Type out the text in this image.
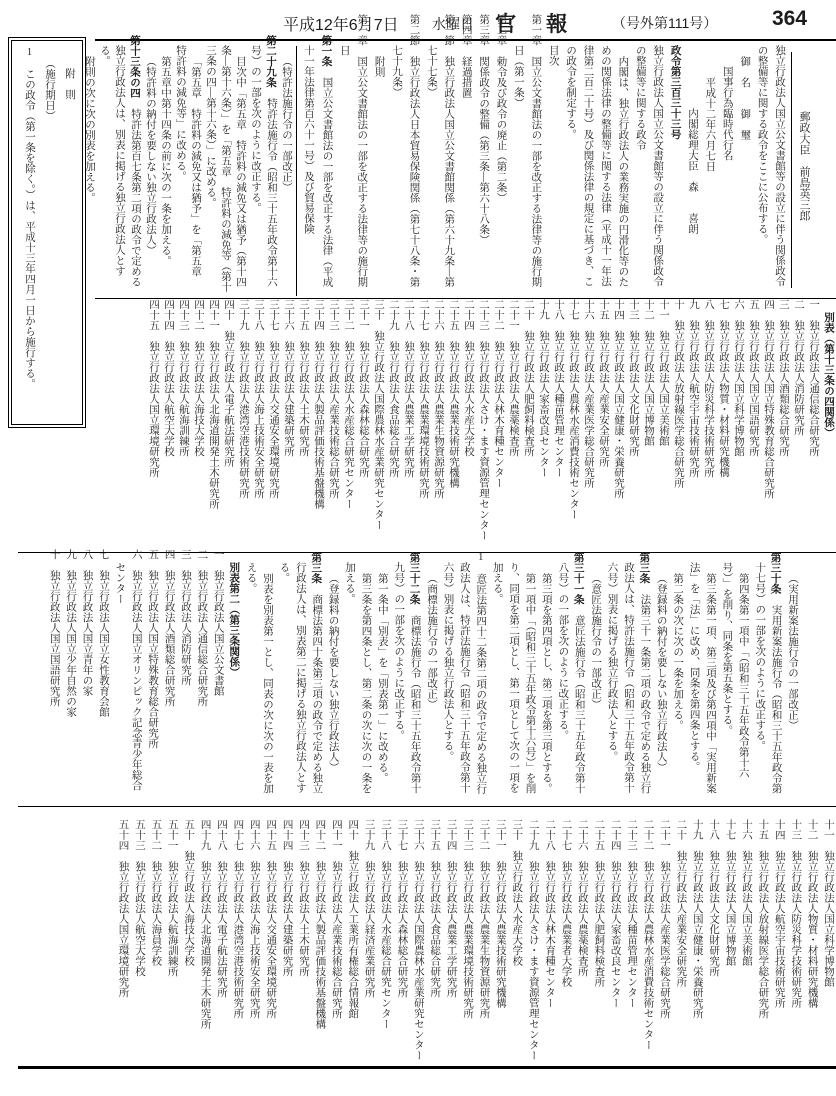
平成12年6月7日 水曜日 官報 （号外第111号）	364

附　則

（施行期日）

1　この政令（第一条を除く。）は、平成十三年四月一日から施行する。	郵政大臣　前島英三郎

独立行政法人国立公文書館等の設立に伴う関係政令の整備等に関する政令をここに公布する。

御　名　　御　璽

国事行為臨時代行名

平成十二年六月七日

内閣総理大臣　森　　喜朗

政令第三百三十三号

独立行政法人国立公文書館等の設立に伴う関係政令の整備等に関する政令

内閣は、独立行政法人の業務実施の円滑化等のための関係法律の整備等に関する法律（平成十一年法律第二百二十号）及び関係法律の規定に基づき、この政令を制定する。

目次

第一章　国立公文書館法の一部を改正する法律等の施行期日（第一条）

第二章　勅令及び政令の廃止（第二条）

第三章　関係政令の整備（第三条―第六十八条）

第四章　経過措置

第一節　独立行政法人国立公文書館関係（第六十九条―第七十七条）

第二節　独立行政法人日本貿易保険関係（第七十八条・第七十九条）

附則

第一章　国立公文書館法の一部を改正する法律等の施行期日

第一条　国立公文書館法の一部を改正する法律（平成十一年法律第百六十一号）及び貿易保険

（特許法施行令の一部改正）

第二十九条　特許法施行令（昭和三十五年政令第十六号）の一部を次のように改正する。

目次中「第五章　特許料の減免又は猶予（第十四条―第十六条）」を「第五章　特許料の減免等（第十三条の四―第十六条）」に改める。

「第五章　特許料の減免又は猶予」を「第五章　特許料の減免等」に改める。

第五章中第十四条の前に次の一条を加える。

（特許料の納付を要しない独立行政法人）

第十三条の四　特許法第百七条第二項の政令で定める独立行政法人は、別表に掲げる独立行政法人とする。

附則の次に次の別表を加える。

別表（第十三条の四関係）

一　独立行政法人通信総合研究所

二　独立行政法人消防研究所

三　独立行政法人酒類総合研究所

四　独立行政法人国立特殊教育総合研究所

五　独立行政法人国立国語研究所

六　独立行政法人国立科学博物館

七　独立行政法人物質・材料研究機構

八　独立行政法人防災科学技術研究所

九　独立行政法人航空宇宙技術研究所

十　独立行政法人放射線医学総合研究所

十一　独立行政法人国立美術館

十二　独立行政法人国立博物館

十三　独立行政法人文化財研究所

十四　独立行政法人国立健康・栄養研究所

十五　独立行政法人産業安全研究所

十六　独立行政法人産業医学総合研究所

十七　独立行政法人農林水産消費技術センター

十八　独立行政法人種苗管理センター

十九　独立行政法人家畜改良センター

二十　独立行政法人肥飼料検査所

二十一　独立行政法人農薬検査所

二十二　独立行政法人林木育種センター

二十三　独立行政法人さけ・ます資源管理センター

二十四　独立行政法人水産大学校

二十五　独立行政法人農業技術研究機構

二十六　独立行政法人農業生物資源研究所

二十七　独立行政法人農業環境技術研究所

二十八　独立行政法人農業工学研究所

二十九　独立行政法人食品総合研究所

三十　独立行政法人国際農林水産業研究センター

三十一　独立行政法人森林総合研究所

三十二　独立行政法人水産総合研究センター

三十三　独立行政法人産業技術総合研究所

三十四　独立行政法人製品評価技術基盤機構

三十五　独立行政法人土木研究所

三十六　独立行政法人建築研究所

三十七　独立行政法人交通安全環境研究所

三十八　独立行政法人海上技術安全研究所

三十九　独立行政法人港湾空港技術研究所

四十　独立行政法人電子航法研究所

四十一　独立行政法人北海道開発土木研究所

四十二　独立行政法人海技大学校

四十三　独立行政法人航海訓練所

四十四　独立行政法人航空大学校

四十五　独立行政法人国立環境研究所

（実用新案法施行令の一部改正）

第三十条　実用新案法施行令（昭和三十五年政令第十七号）の一部を次のように改正する。

第四条第一項中「（昭和三十五年政令第十六号）」を削り、同条を第五条とする。

第三条第一項、第三項及び第四項中「実用新案法」を「法」に改め、同条を第四条とする。

第二条の次に次の一条を加える。

（登録料の納付を要しない独立行政法人）

第三条　法第三十一条第二項の政令で定める独立行政法人は、特許法施行令（昭和三十五年政令第十六号）別表に掲げる独立行政法人とする。

（意匠法施行令の一部改正）

第三十一条　意匠法施行令（昭和三十五年政令第十八号）の一部を次のように改正する。

第三項を第四項とし、第二項を第三項とする。

第一項中「（昭和三十五年政令第十六号）」を削り、同項を第二項とし、第一項として次の一項を加える。

1　意匠法第四十二条第二項の政令で定める独立行政法人は、特許法施行令（昭和三十五年政令第十六号）別表に掲げる独立行政法人とする。

（商標法施行令の一部改正）

第三十二条　商標法施行令（昭和三十五年政令第十九号）の一部を次のように改正する。

第一条中「別表」を「別表第一」に改める。

第三条を第四条とし、第二条の次に次の一条を加える。

（登録料の納付を要しない独立行政法人）

第三条　商標法第四十条第三項の政令で定める独立行政法人は、別表第二に掲げる独立行政法人とする。

別表を別表第一とし、同表の次に次の一表を加える。

別表第二（第三条関係）

一　独立行政法人国立公文書館

二　独立行政法人通信総合研究所

三　独立行政法人消防研究所

四　独立行政法人酒類総合研究所

五　独立行政法人国立特殊教育総合研究所

六　独立行政法人国立オリンピック記念青少年総合センター

七　独立行政法人国立女性教育会館

八　独立行政法人国立青年の家

九　独立行政法人国立少年自然の家

十　独立行政法人国立国語研究所

十一　独立行政法人国立科学博物館

十二　独立行政法人物質・材料研究機構

十三　独立行政法人防災科学技術研究所

十四　独立行政法人航空宇宙技術研究所

十五　独立行政法人放射線医学総合研究所

十六　独立行政法人国立美術館

十七　独立行政法人国立博物館

十八　独立行政法人文化財研究所

十九　独立行政法人国立健康・栄養研究所

二十　独立行政法人産業安全研究所

二十一　独立行政法人産業医学総合研究所

二十二　独立行政法人農林水産消費技術センター

二十三　独立行政法人種苗管理センター

二十四　独立行政法人家畜改良センター

二十五　独立行政法人肥飼料検査所

二十六　独立行政法人農薬検査所

二十七　独立行政法人農業者大学校

二十八　独立行政法人林木育種センター

二十九　独立行政法人さけ・ます資源管理センター

三十　独立行政法人水産大学校

三十一　独立行政法人農業技術研究機構

三十二　独立行政法人農業生物資源研究所

三十三　独立行政法人農業環境技術研究所

三十四　独立行政法人農業工学研究所

三十五　独立行政法人食品総合研究所

三十六　独立行政法人国際農林水産業研究センター

三十七　独立行政法人森林総合研究所

三十八　独立行政法人水産総合研究センター

三十九　独立行政法人経済産業研究所

四十　独立行政法人工業所有権総合情報館

四十一　独立行政法人産業技術総合研究所

四十二　独立行政法人製品評価技術基盤機構

四十三　独立行政法人土木研究所

四十四　独立行政法人建築研究所

四十五　独立行政法人交通安全環境研究所

四十六　独立行政法人海上技術安全研究所

四十七　独立行政法人港湾空港技術研究所

四十八　独立行政法人電子航法研究所

四十九　独立行政法人北海道開発土木研究所

五十　独立行政法人海技大学校

五十一　独立行政法人航海訓練所

五十二　独立行政法人海員学校

五十三　独立行政法人航空大学校

五十四　独立行政法人国立環境研究所
